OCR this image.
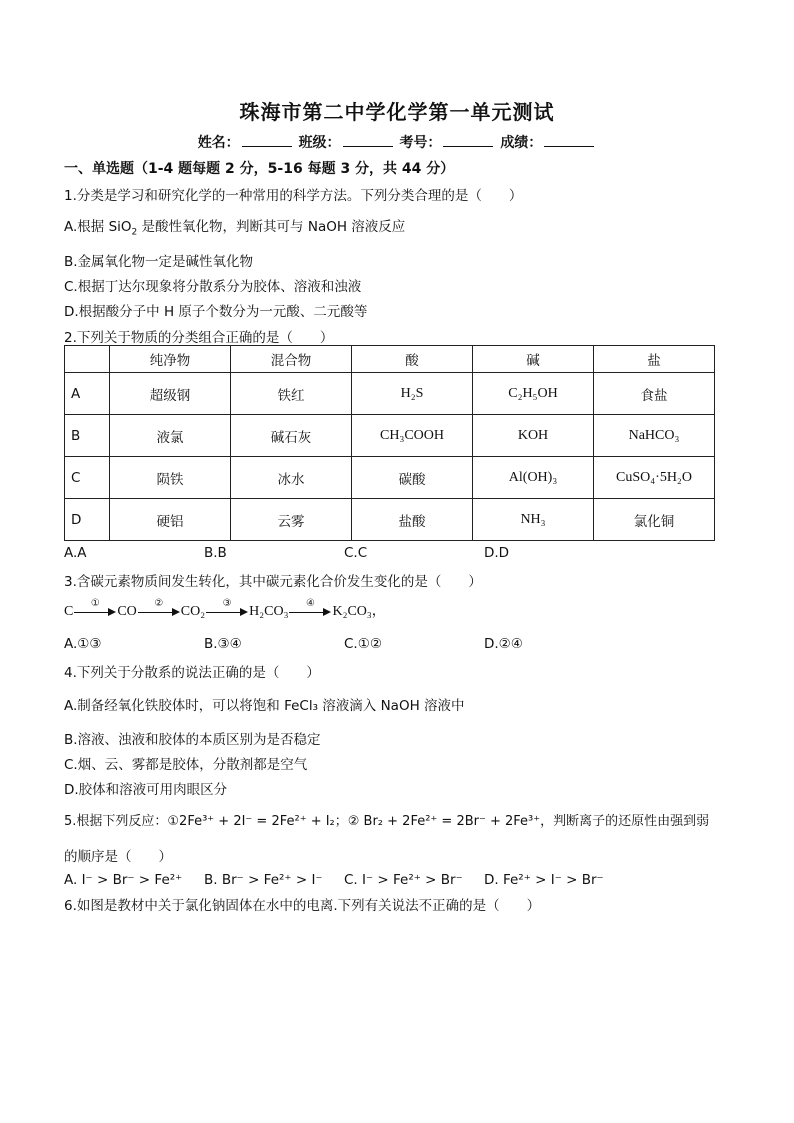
珠海市第二中学化学第一单元测试
姓名：	班级：	考号：	成绩：
一、单选题（1-4 题每题 2 分，5-16 每题 3 分，共 44 分）
1.分类是学习和研究化学的一种常用的科学方法。下列分类合理的是（　　）
A.根据 SiO$_2$ 是酸性氧化物，判断其可与 NaOH 溶液反应
B.金属氧化物一定是碱性氧化物
C.根据丁达尔现象将分散系分为胶体、溶液和浊液
D.根据酸分子中 H 原子个数分为一元酸、二元酸等
2.下列关于物质的分类组合正确的是（　　）
	纯净物	混合物	酸	碱	盐
A	超级钢	铁红	H₂S	C₂H₅OH	食盐
B	液氯	碱石灰	CH₃COOH	KOH	NaHCO₃
C	陨铁	冰水	碳酸	Al(OH)₃	CuSO₄·5H₂O
D	硬铝	云雾	盐酸	NH₃	氯化铜
A.A	B.B	C.C	D.D
3.含碳元素物质间发生转化，其中碳元素化合价发生变化的是（　　）
C
①
CO
②
CO₂
③
H₂CO₃
④
K₂CO₃，
A.①③	B.③④	C.①②	D.②④
4.下列关于分散系的说法正确的是（　　）
A.制备经氧化铁胶体时，可以将饱和 FeCl₃ 溶液滴入 NaOH 溶液中
B.溶液、浊液和胶体的本质区别为是否稳定
C.烟、云、雾都是胶体，分散剂都是空气
D.胶体和溶液可用肉眼区分
5.根据下列反应：①2Fe³⁺ + 2I⁻ = 2Fe²⁺ + I₂；② Br₂ + 2Fe²⁺ = 2Br⁻ + 2Fe³⁺，判断离子的还原性由强到弱
的顺序是（　　）
A. I⁻ > Br⁻ > Fe²⁺ B. Br⁻ > Fe²⁺ > I⁻ C. I⁻ > Fe²⁺ > Br⁻ D. Fe²⁺ > I⁻ > Br⁻
6.如图是教材中关于氯化钠固体在水中的电离.下列有关说法不正确的是（　　）
